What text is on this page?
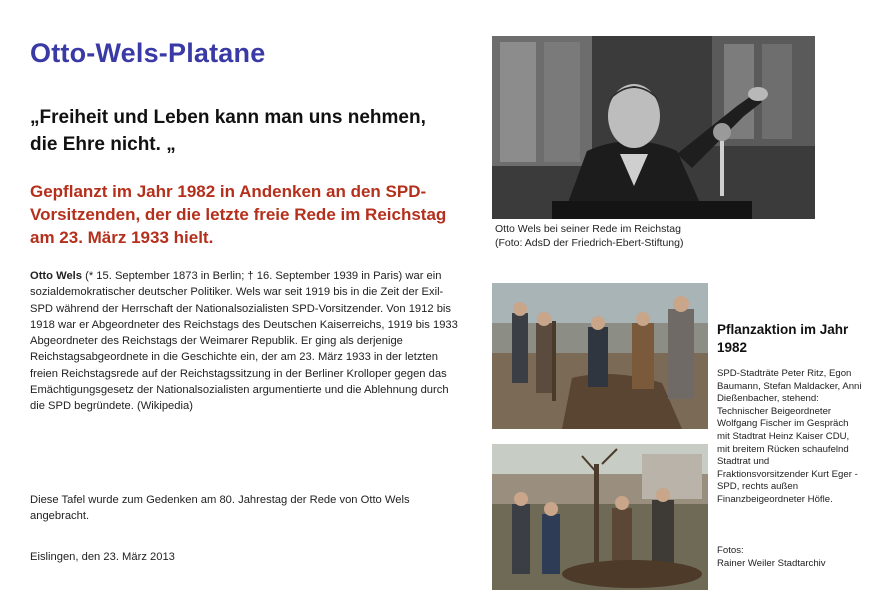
Otto-Wels-Platane
„Freiheit und Leben kann man uns nehmen, die Ehre nicht. „
Gepflanzt im Jahr 1982 in Andenken an den SPD-Vorsitzenden, der die letzte freie Rede im Reichstag am 23. März 1933 hielt.
Otto Wels (* 15. September 1873 in Berlin; † 16. September 1939 in Paris) war ein sozialdemokratischer deutscher Politiker. Wels war seit 1919 bis in die Zeit der Exil-SPD während der Herrschaft der Nationalsozialisten SPD-Vorsitzender. Von 1912 bis 1918 war er Abgeordneter des Reichstags des Deutschen Kaiserreichs, 1919 bis 1933 Abgeordneter des Reichstags der Weimarer Republik. Er ging als derjenige Reichstagsabgeordnete in die Geschichte ein, der am 23. März 1933 in der letzten freien Reichstagsrede auf der Reichstagssitzung in der Berliner Krolloper gegen das Emächtigungsgesetz der Nationalsozialisten argumentierte und die Ablehnung durch die SPD begründete. (Wikipedia)
Diese Tafel wurde zum Gedenken am 80. Jahrestag der Rede von Otto Wels angebracht.
Eislingen, den 23. März 2013
Otto Wels bei seiner Rede im Reichstag
(Foto: AdsD der Friedrich-Ebert-Stiftung)
Pflanzaktion im Jahr 1982
SPD-Stadträte Peter Ritz, Egon Baumann, Stefan Maldacker, Anni Dießenbacher, stehend: Technischer Beigeordneter Wolfgang Fischer im Gespräch mit Stadtrat Heinz Kaiser CDU, mit breitem Rücken schaufelnd Stadtrat und Fraktionsvorsitzender Kurt Eger -SPD, rechts außen Finanzbeigeordneter Höfle.
Fotos:
Rainer Weiler Stadtarchiv
